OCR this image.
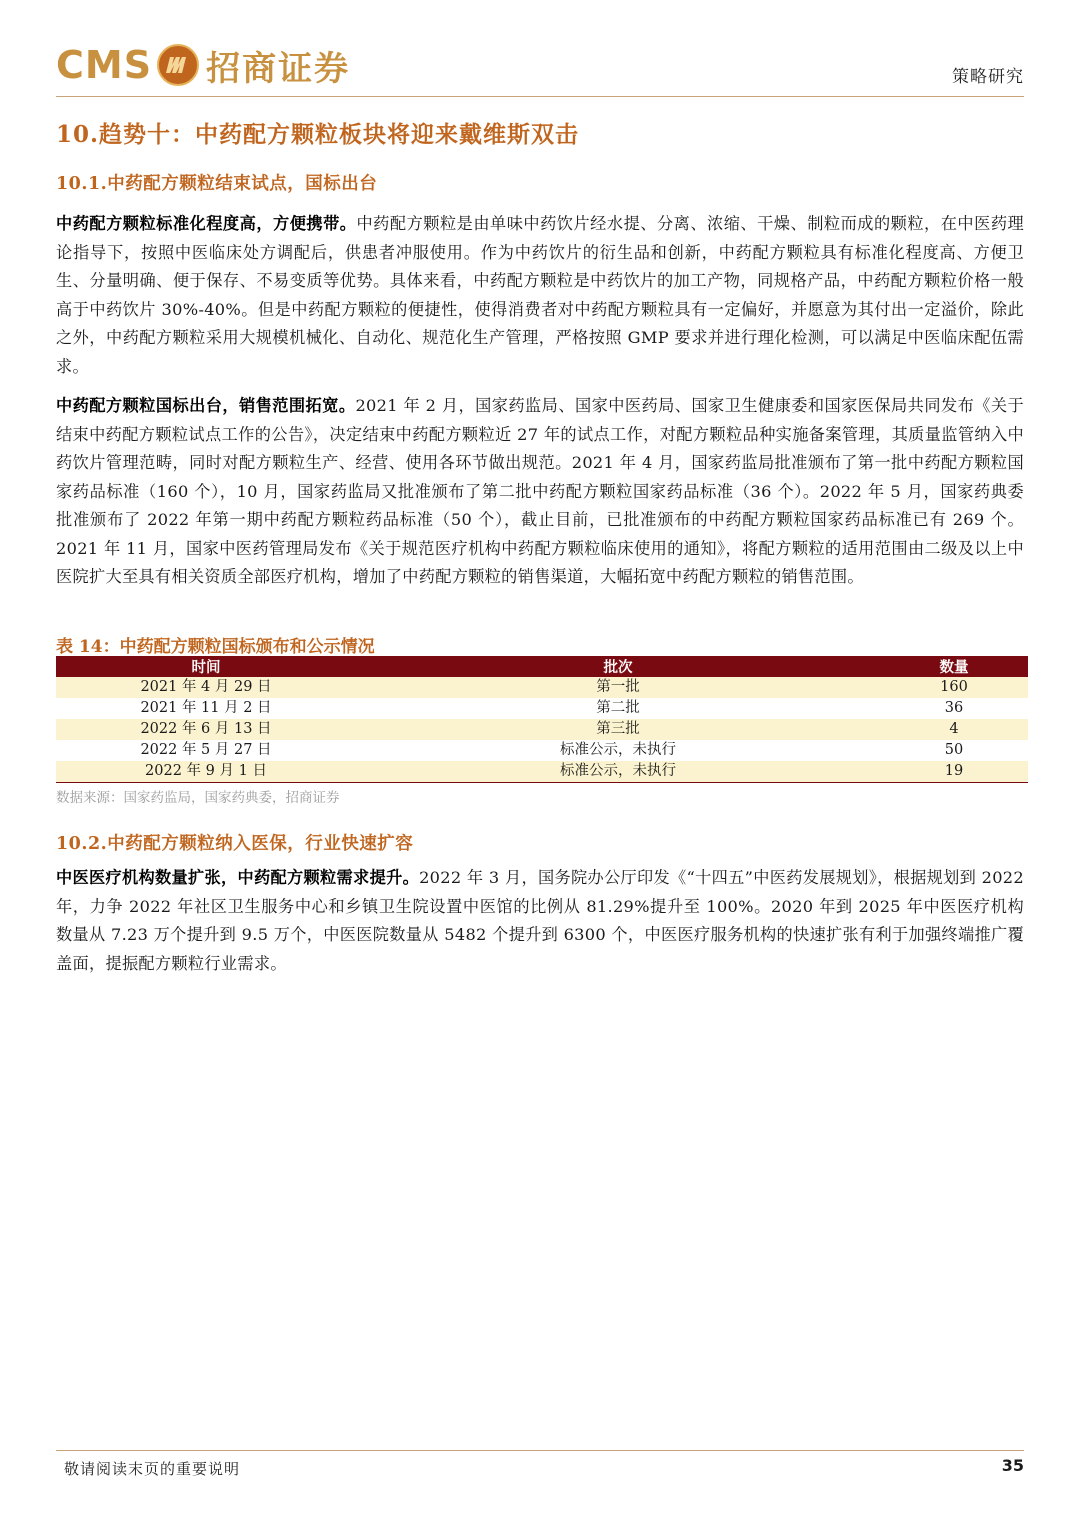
CMS 招商证券	策略研究
10.趋势十：中药配方颗粒板块将迎来戴维斯双击
10.1.中药配方颗粒结束试点，国标出台
中药配方颗粒标准化程度高，方便携带。中药配方颗粒是由单味中药饮片经水提、分离、浓缩、干燥、制粒而成的颗粒，在中医药理论指导下，按照中医临床处方调配后，供患者冲服使用。作为中药饮片的衍生品和创新，中药配方颗粒具有标准化程度高、方便卫生、分量明确、便于保存、不易变质等优势。具体来看，中药配方颗粒是中药饮片的加工产物，同规格产品，中药配方颗粒价格一般高于中药饮片 30%-40%。但是中药配方颗粒的便捷性，使得消费者对中药配方颗粒具有一定偏好，并愿意为其付出一定溢价，除此之外，中药配方颗粒采用大规模机械化、自动化、规范化生产管理，严格按照 GMP 要求并进行理化检测，可以满足中医临床配伍需求。
中药配方颗粒国标出台，销售范围拓宽。2021 年 2 月，国家药监局、国家中医药局、国家卫生健康委和国家医保局共同发布《关于结束中药配方颗粒试点工作的公告》，决定结束中药配方颗粒近 27 年的试点工作，对配方颗粒品种实施备案管理，其质量监管纳入中药饮片管理范畴，同时对配方颗粒生产、经营、使用各环节做出规范。2021 年 4 月，国家药监局批准颁布了第一批中药配方颗粒国家药品标准（160 个），10 月，国家药监局又批准颁布了第二批中药配方颗粒国家药品标准（36 个）。2022 年 5 月，国家药典委批准颁布了 2022 年第一期中药配方颗粒药品标准（50 个），截止目前，已批准颁布的中药配方颗粒国家药品标准已有 269 个。2021 年 11 月，国家中医药管理局发布《关于规范医疗机构中药配方颗粒临床使用的通知》，将配方颗粒的适用范围由二级及以上中医院扩大至具有相关资质全部医疗机构，增加了中药配方颗粒的销售渠道，大幅拓宽中药配方颗粒的销售范围。
表 14：中药配方颗粒国标颁布和公示情况
时间	批次	数量
2021 年 4 月 29 日	第一批	160
2021 年 11 月 2 日	第二批	36
2022 年 6 月 13 日	第三批	4
2022 年 5 月 27 日	标准公示，未执行	50
2022 年 9 月 1 日	标准公示，未执行	19
数据来源：国家药监局，国家药典委，招商证券
10.2.中药配方颗粒纳入医保，行业快速扩容
中医医疗机构数量扩张，中药配方颗粒需求提升。2022 年 3 月，国务院办公厅印发《“十四五”中医药发展规划》，根据规划到 2022 年，力争 2022 年社区卫生服务中心和乡镇卫生院设置中医馆的比例从 81.29%提升至 100%。2020 年到 2025 年中医医疗机构数量从 7.23 万个提升到 9.5 万个，中医医院数量从 5482 个提升到 6300 个，中医医疗服务机构的快速扩张有利于加强终端推广覆盖面，提振配方颗粒行业需求。
敬请阅读末页的重要说明	35
